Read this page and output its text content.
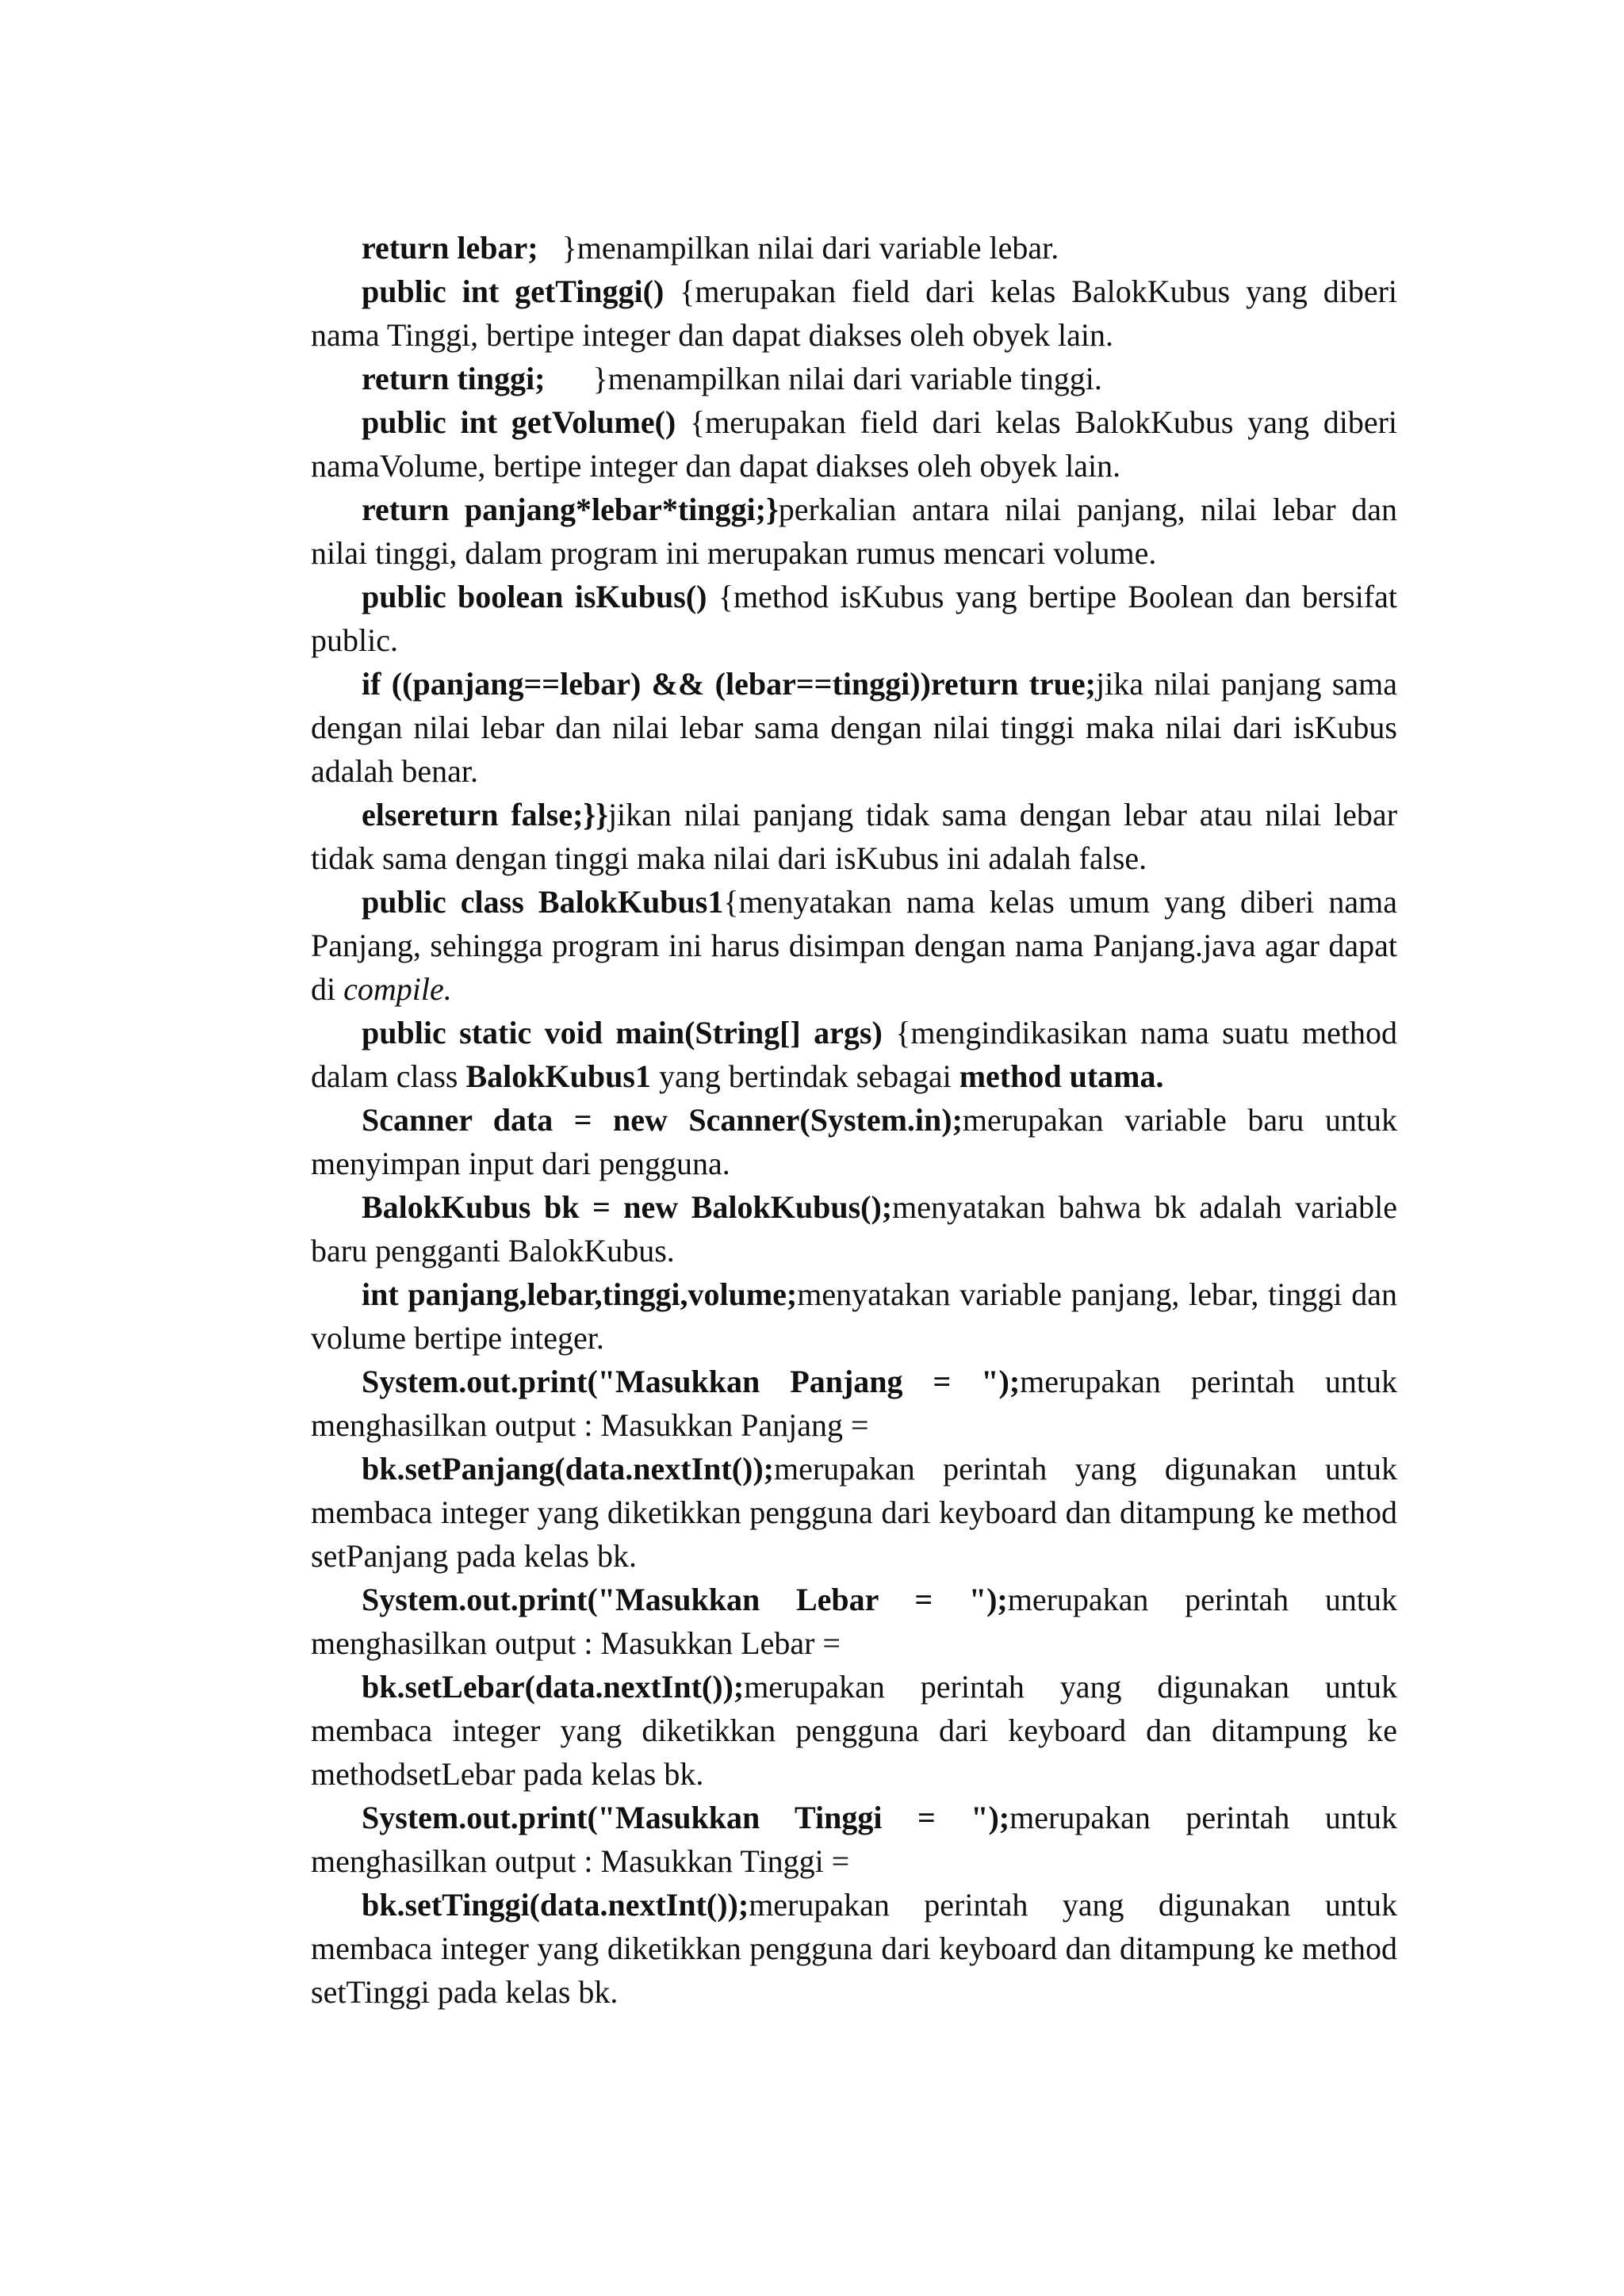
return lebar; }menampilkan nilai dari variable lebar.

public int getTinggi() {merupakan field dari kelas BalokKubus yang diberi nama Tinggi, bertipe integer dan dapat diakses oleh obyek lain.

return tinggi; }menampilkan nilai dari variable tinggi.

public int getVolume() {merupakan field dari kelas BalokKubus yang diberi namaVolume, bertipe integer dan dapat diakses oleh obyek lain.

return panjang*lebar*tinggi;}perkalian antara nilai panjang, nilai lebar dan nilai tinggi, dalam program ini merupakan rumus mencari volume.

public boolean isKubus() {method isKubus yang bertipe Boolean dan bersifat public.

if ((panjang==lebar) && (lebar==tinggi))return true;jika nilai panjang sama dengan nilai lebar dan nilai lebar sama dengan nilai tinggi maka nilai dari isKubus adalah benar.

elsereturn false;}}jikan nilai panjang tidak sama dengan lebar atau nilai lebar tidak sama dengan tinggi maka nilai dari isKubus ini adalah false.

public class BalokKubus1{menyatakan nama kelas umum yang diberi nama Panjang, sehingga program ini harus disimpan dengan nama Panjang.java agar dapat di compile.

public static void main(String[] args) {mengindikasikan nama suatu method dalam class BalokKubus1 yang bertindak sebagai method utama.

Scanner data = new Scanner(System.in);merupakan variable baru untuk menyimpan input dari pengguna.

BalokKubus bk = new BalokKubus();menyatakan bahwa bk adalah variable baru pengganti BalokKubus.

int panjang,lebar,tinggi,volume;menyatakan variable panjang, lebar, tinggi dan volume bertipe integer.

System.out.print("Masukkan Panjang = ");merupakan perintah untuk menghasilkan output : Masukkan Panjang =

bk.setPanjang(data.nextInt());merupakan perintah yang digunakan untuk membaca integer yang diketikkan pengguna dari keyboard dan ditampung ke method setPanjang pada kelas bk.

System.out.print("Masukkan Lebar = ");merupakan perintah untuk menghasilkan output : Masukkan Lebar =

bk.setLebar(data.nextInt());merupakan perintah yang digunakan untuk membaca integer yang diketikkan pengguna dari keyboard dan ditampung ke methodsetLebar pada kelas bk.

System.out.print("Masukkan Tinggi = ");merupakan perintah untuk menghasilkan output : Masukkan Tinggi =

bk.setTinggi(data.nextInt());merupakan perintah yang digunakan untuk membaca integer yang diketikkan pengguna dari keyboard dan ditampung ke method setTinggi pada kelas bk.
